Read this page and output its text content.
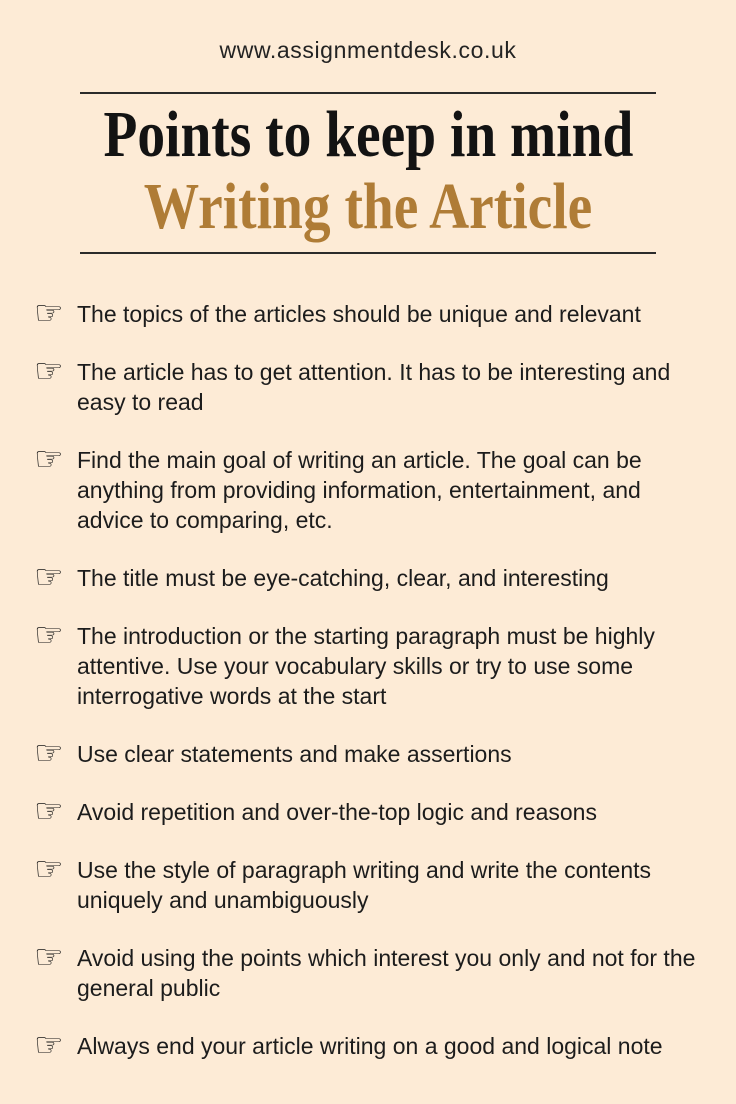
www.assignmentdesk.co.uk
Points to keep in mind
Writing the Article
☞ The topics of the articles should be unique and relevant
☞ The article has to get attention. It has to be interesting and easy to read
☞ Find the main goal of writing an article. The goal can be anything from providing information, entertainment, and advice to comparing, etc.
☞ The title must be eye-catching, clear, and interesting
☞ The introduction or the starting paragraph must be highly attentive. Use your vocabulary skills or try to use some interrogative words at the start
☞ Use clear statements and make assertions
☞ Avoid repetition and over-the-top logic and reasons
☞ Use the style of paragraph writing and write the contents uniquely and unambiguously
☞ Avoid using the points which interest you only and not for the general public
☞ Always end your article writing on a good and logical note
